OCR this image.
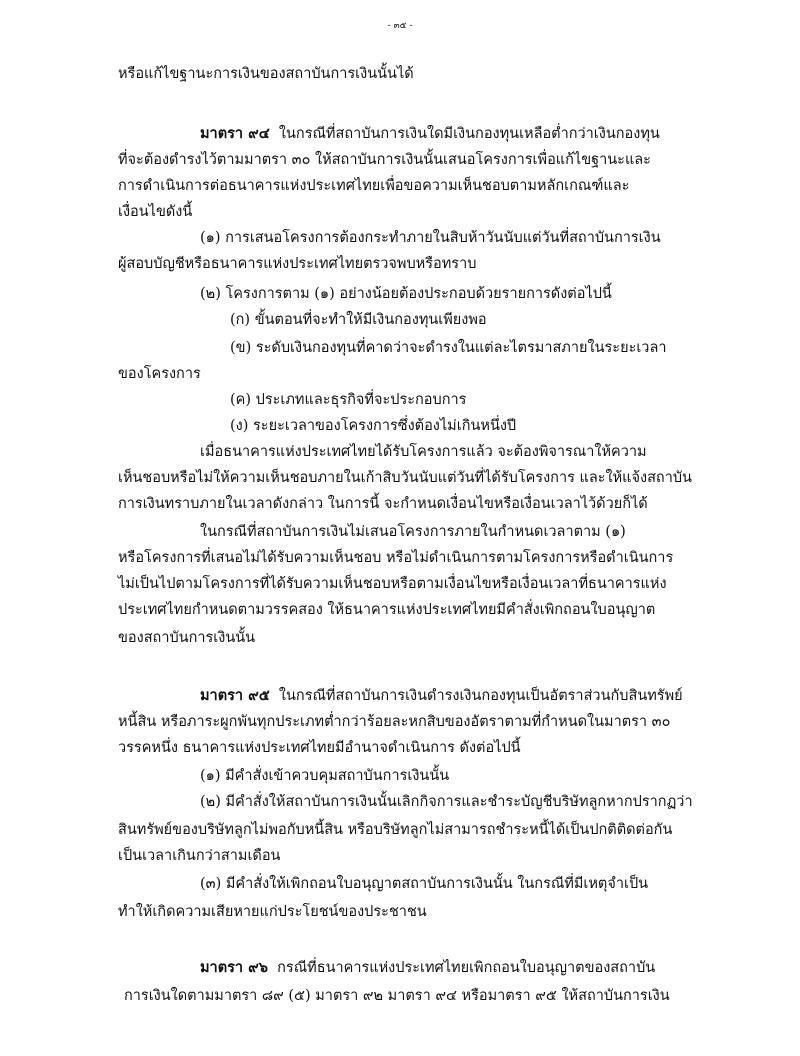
- ๓๕ -
หรือแก้ไขฐานะการเงินของสถาบันการเงินนั้นได้
มาตรา ๙๔ ในกรณีที่สถาบันการเงินใดมีเงินกองทุนเหลือต่ำกว่าเงินกองทุน
ที่จะต้องดำรงไว้ตามมาตรา ๓๐ ให้สถาบันการเงินนั้นเสนอโครงการเพื่อแก้ไขฐานะและ
การดำเนินการต่อธนาคารแห่งประเทศไทยเพื่อขอความเห็นชอบตามหลักเกณฑ์และ
เงื่อนไขดังนี้
(๑) การเสนอโครงการต้องกระทำภายในสิบห้าวันนับแต่วันที่สถาบันการเงิน
ผู้สอบบัญชีหรือธนาคารแห่งประเทศไทยตรวจพบหรือทราบ
(๒) โครงการตาม (๑) อย่างน้อยต้องประกอบด้วยรายการดังต่อไปนี้
(ก) ขั้นตอนที่จะทำให้มีเงินกองทุนเพียงพอ
(ข) ระดับเงินกองทุนที่คาดว่าจะดำรงในแต่ละไตรมาสภายในระยะเวลา
ของโครงการ
(ค) ประเภทและธุรกิจที่จะประกอบการ
(ง) ระยะเวลาของโครงการซึ่งต้องไม่เกินหนึ่งปี
เมื่อธนาคารแห่งประเทศไทยได้รับโครงการแล้ว จะต้องพิจารณาให้ความ
เห็นชอบหรือไม่ให้ความเห็นชอบภายในเก้าสิบวันนับแต่วันที่ได้รับโครงการ และให้แจ้งสถาบัน
การเงินทราบภายในเวลาดังกล่าว ในการนี้ จะกำหนดเงื่อนไขหรือเงื่อนเวลาไว้ด้วยก็ได้
ในกรณีที่สถาบันการเงินไม่เสนอโครงการภายในกำหนดเวลาตาม (๑)
หรือโครงการที่เสนอไม่ได้รับความเห็นชอบ หรือไม่ดำเนินการตามโครงการหรือดำเนินการ
ไม่เป็นไปตามโครงการที่ได้รับความเห็นชอบหรือตามเงื่อนไขหรือเงื่อนเวลาที่ธนาคารแห่ง
ประเทศไทยกำหนดตามวรรคสอง ให้ธนาคารแห่งประเทศไทยมีคำสั่งเพิกถอนใบอนุญาต
ของสถาบันการเงินนั้น
มาตรา ๙๕ ในกรณีที่สถาบันการเงินดำรงเงินกองทุนเป็นอัตราส่วนกับสินทรัพย์
หนี้สิน หรือภาระผูกพันทุกประเภทต่ำกว่าร้อยละหกสิบของอัตราตามที่กำหนดในมาตรา ๓๐
วรรคหนึ่ง ธนาคารแห่งประเทศไทยมีอำนาจดำเนินการ ดังต่อไปนี้
(๑) มีคำสั่งเข้าควบคุมสถาบันการเงินนั้น
(๒) มีคำสั่งให้สถาบันการเงินนั้นเลิกกิจการและชำระบัญชีบริษัทลูกหากปรากฏว่า
สินทรัพย์ของบริษัทลูกไม่พอกับหนี้สิน หรือบริษัทลูกไม่สามารถชำระหนี้ได้เป็นปกติติดต่อกัน
เป็นเวลาเกินกว่าสามเดือน
(๓) มีคำสั่งให้เพิกถอนใบอนุญาตสถาบันการเงินนั้น ในกรณีที่มีเหตุจำเป็น
ทำให้เกิดความเสียหายแก่ประโยชน์ของประชาชน
มาตรา ๙๖ กรณีที่ธนาคารแห่งประเทศไทยเพิกถอนใบอนุญาตของสถาบัน
การเงินใดตามมาตรา ๘๙ (๕) มาตรา ๙๒ มาตรา ๙๔ หรือมาตรา ๙๕ ให้สถาบันการเงิน
